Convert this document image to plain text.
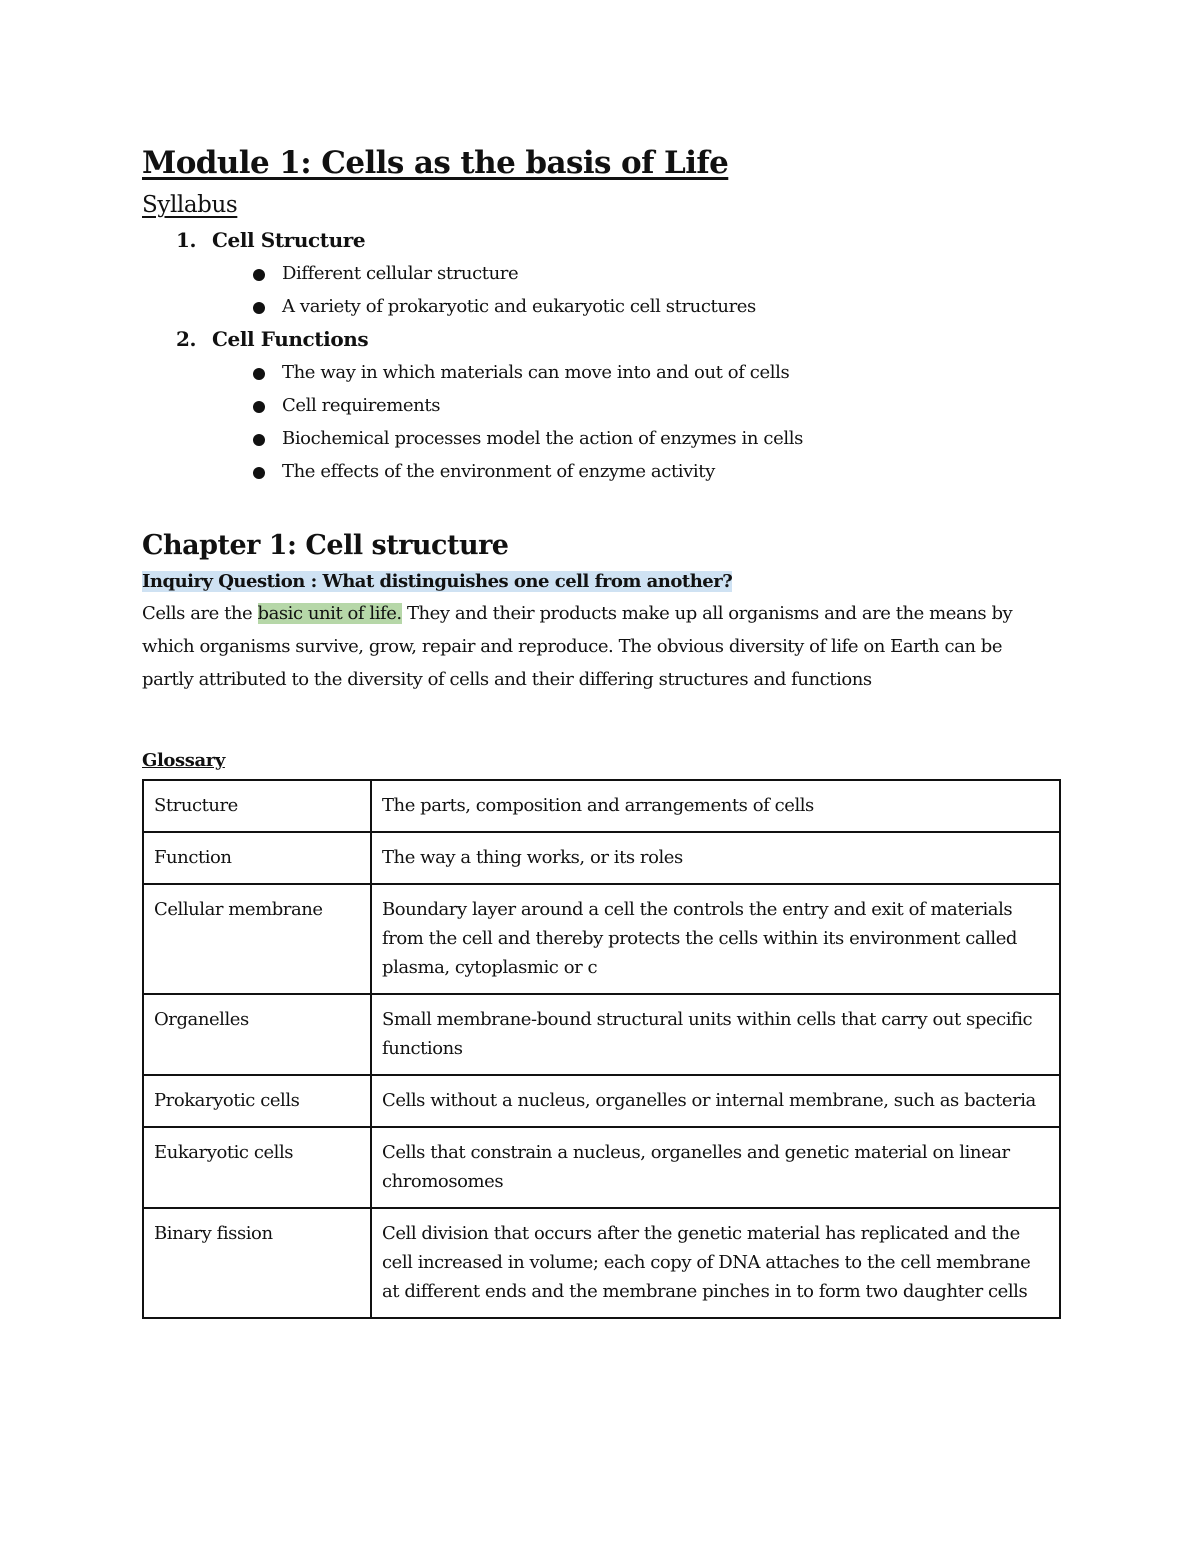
Module 1: Cells as the basis of Life
Syllabus
1. Cell Structure
Different cellular structure
A variety of prokaryotic and eukaryotic cell structures
2. Cell Functions
The way in which materials can move into and out of cells
Cell requirements
Biochemical processes model the action of enzymes in cells
The effects of the environment of enzyme activity
Chapter 1: Cell structure

Inquiry Question : What distinguishes one cell from another?

Cells are the basic unit of life. They and their products make up all organisms and are the means by which organisms survive, grow, repair and reproduce. The obvious diversity of life on Earth can be partly attributed to the diversity of cells and their differing structures and functions

Glossary
Structure	The parts, composition and arrangements of cells
Function	The way a thing works, or its roles
Cellular membrane	Boundary layer around a cell the controls the entry and exit of materials from the cell and thereby protects the cells within its environment called plasma, cytoplasmic or c
Organelles	Small membrane-bound structural units within cells that carry out specific functions
Prokaryotic cells	Cells without a nucleus, organelles or internal membrane, such as bacteria
Eukaryotic cells	Cells that constrain a nucleus, organelles and genetic material on linear chromosomes
Binary fission	Cell division that occurs after the genetic material has replicated and the cell increased in volume; each copy of DNA attaches to the cell membrane at different ends and the membrane pinches in to form two daughter cells
